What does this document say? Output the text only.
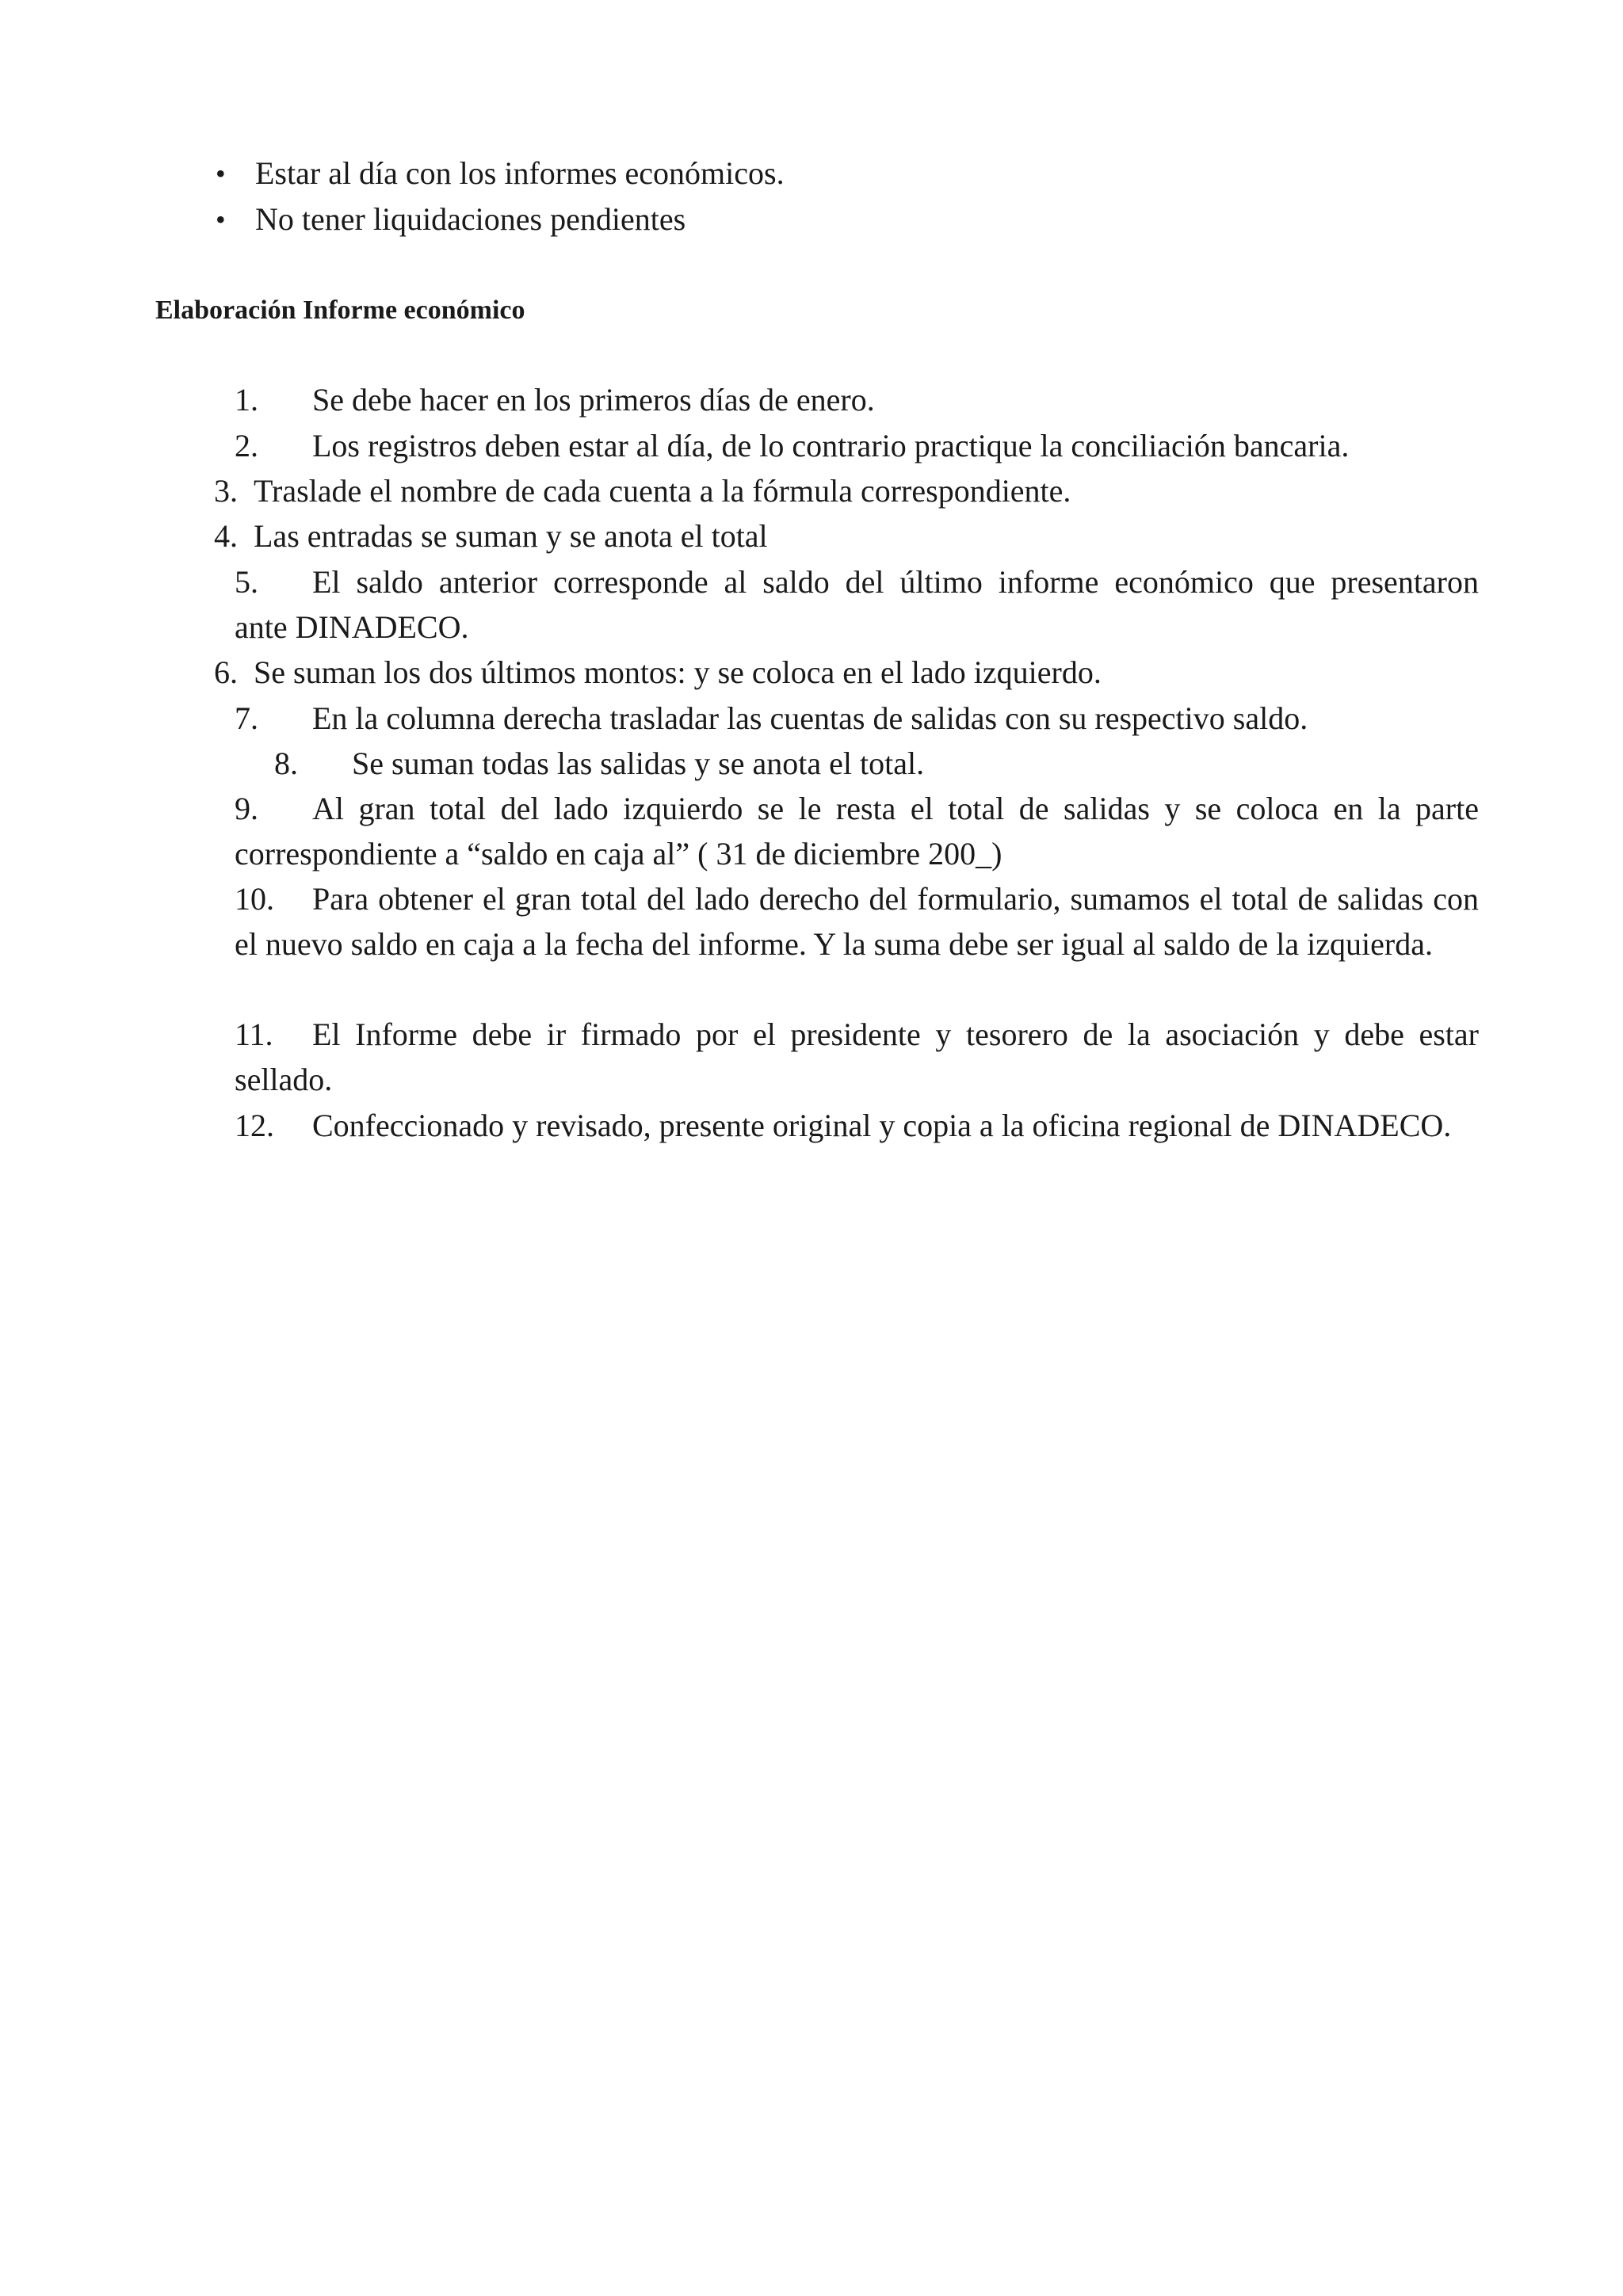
• Estar al día con los informes económicos.
• No tener liquidaciones pendientes
Elaboración Informe económico
1.	Se debe hacer en los primeros días de enero.
2.	Los registros deben estar al día, de lo contrario practique la conciliación bancaria.
3. Traslade el nombre de cada cuenta a la fórmula correspondiente.
4. Las entradas se suman y se anota el total
5.	El saldo anterior corresponde al saldo del último informe económico que presentaron
ante DINADECO.
6. Se suman los dos últimos montos: y se coloca en el lado izquierdo.
7.	En la columna derecha trasladar las cuentas de salidas con su respectivo saldo.
8.	Se suman todas las salidas y se anota el total.
9. Al gran total del lado izquierdo se le resta el total de salidas y se coloca en la parte correspondiente a “saldo en caja al” ( 31 de diciembre 200_)
10. Para obtener el gran total del lado derecho del formulario, sumamos el total de salidas con el nuevo saldo en caja a la fecha del informe. Y la suma debe ser igual al saldo de la izquierda.
11. El Informe debe ir firmado por el presidente y tesorero de la asociación y debe estar sellado.
12. Confeccionado y revisado, presente original y copia a la oficina regional de DINADECO.
